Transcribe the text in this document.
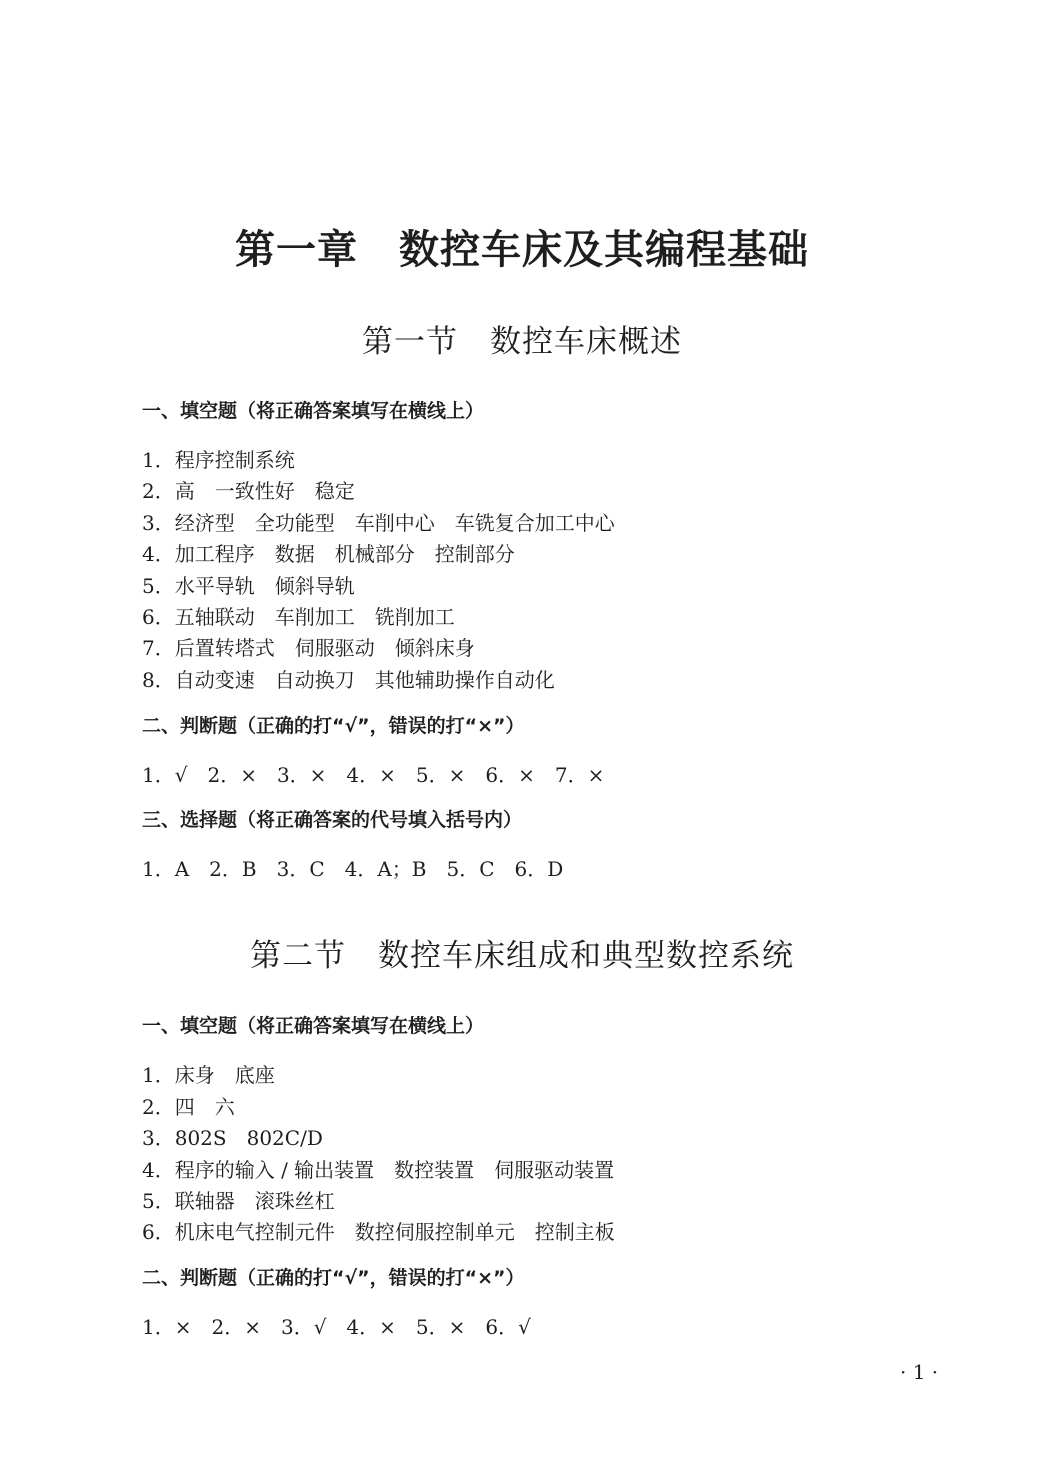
第一章　数控车床及其编程基础
第一节　数控车床概述
一、填空题（将正确答案填写在横线上）
1．程序控制系统
2．高　一致性好　稳定
3．经济型　全功能型　车削中心　车铣复合加工中心
4．加工程序　数据　机械部分　控制部分
5．水平导轨　倾斜导轨
6．五轴联动　车削加工　铣削加工
7．后置转塔式　伺服驱动　倾斜床身
8．自动变速　自动换刀　其他辅助操作自动化
二、判断题（正确的打“√”，错误的打“×”）
1．√　2．×　3．×　4．×　5．×　6．×　7．×
三、选择题（将正确答案的代号填入括号内）
1．A　2．B　3．C　4．A；B　5．C　6．D
第二节　数控车床组成和典型数控系统
一、填空题（将正确答案填写在横线上）
1．床身　底座
2．四　六
3．802S　802C/D
4．程序的输入 / 输出装置　数控装置　伺服驱动装置
5．联轴器　滚珠丝杠
6．机床电气控制元件　数控伺服控制单元　控制主板
二、判断题（正确的打“√”，错误的打“×”）
1．×　2．×　3．√　4．×　5．×　6．√
· 1 ·
